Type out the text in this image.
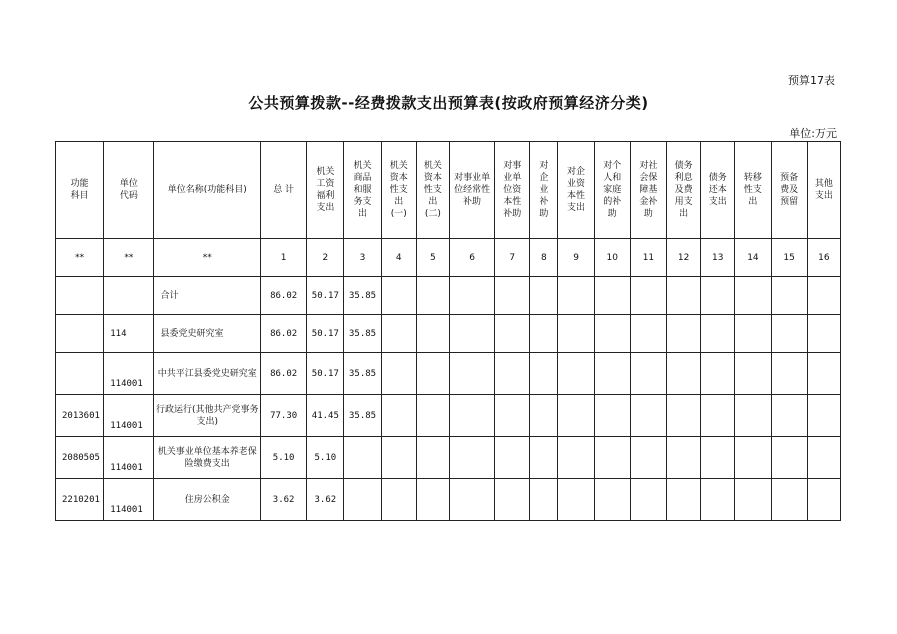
预算17表
公共预算拨款--经费拨款支出预算表(按政府预算经济分类)
单位:万元
功能科目	单位代码	单位名称(功能科目)	总 计	机关工资福利支出	机关商品和服务支出	机关资本性支出(一)	机关资本性支出(二)	对事业单位经常性补助	对事业单位资本性补助	对企业补助	对企业资本性支出	对个人和家庭的补助	对社会保障基金补助	债务利息及费用支出	债务还本支出	转移性支出	预备费及预留	其他支出
**	**	**	1	2	3	4	5	6	7	8	9	10	11	12	13	14	15	16
		合计	86.02	50.17	35.85													
	114	县委党史研究室	86.02	50.17	35.85													
	114001	中共平江县委党史研究室	86.02	50.17	35.85													
2013601	114001	行政运行(其他共产党事务支出)	77.30	41.45	35.85													
2080505	114001	机关事业单位基本养老保险缴费支出	5.10	5.10														
2210201	114001	住房公积金	3.62	3.62														
